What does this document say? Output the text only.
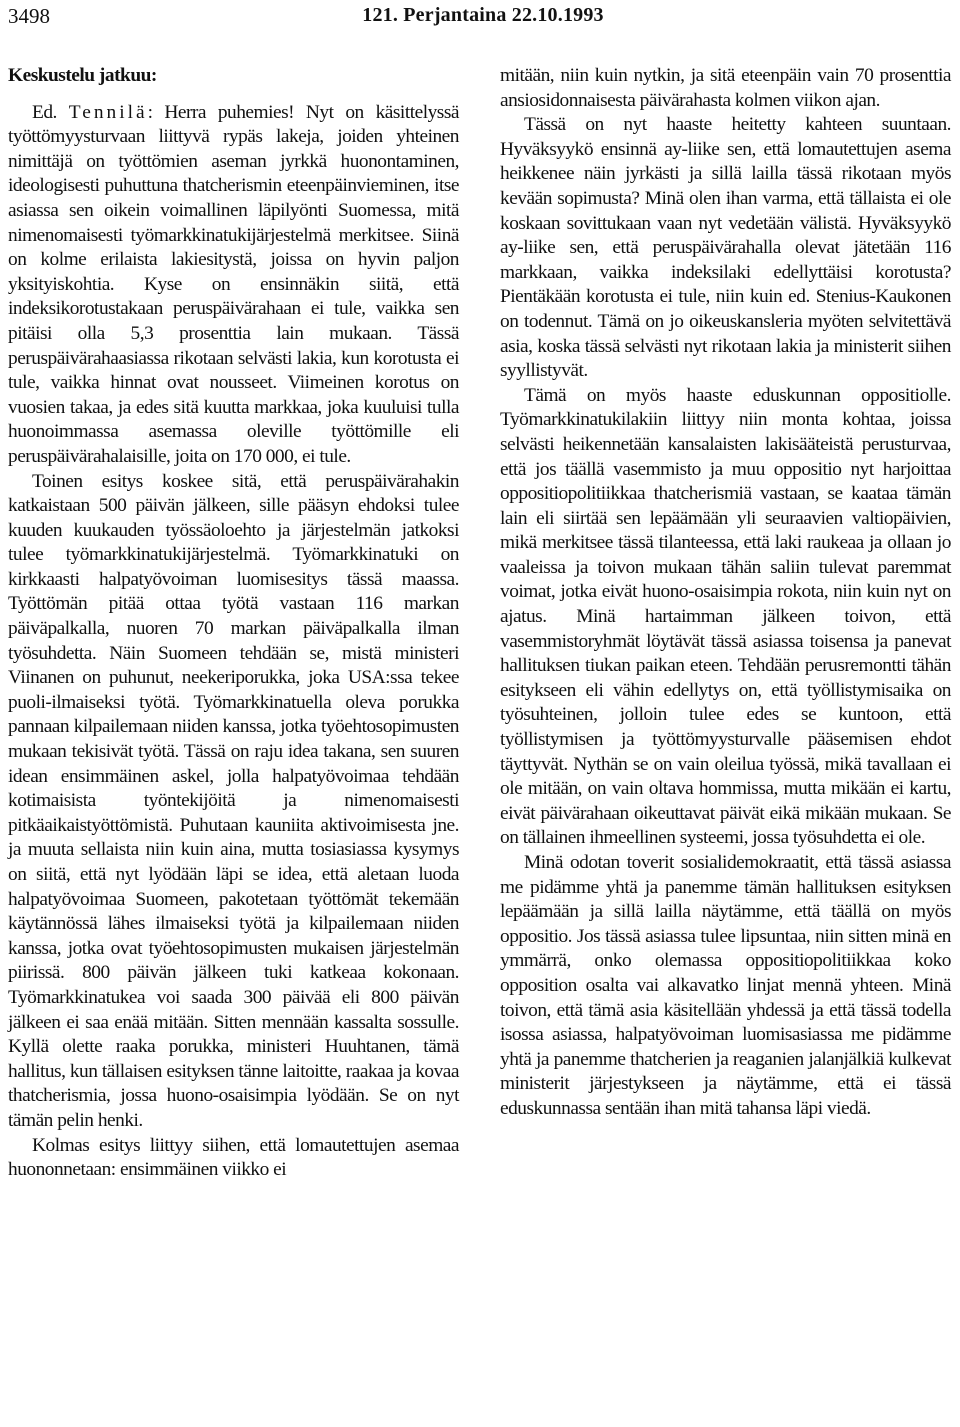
3498	121. Perjantaina 22.10.1993

Keskustelu jatkuu:

Ed. Tennilä: Herra puhemies! Nyt on käsittelyssä työttömyysturvaan liittyvä rypäs lakeja, joiden yhteinen nimittäjä on työttömien aseman jyrkkä huonontaminen, ideologisesti puhuttuna thatcherismin eteenpäinvieminen, itse asiassa sen oikein voimallinen läpilyönti Suomessa, mitä nimenomaisesti työmarkkinatukijärjestelmä merkitsee. Siinä on kolme erilaista lakiesitystä, joissa on hyvin paljon yksityiskohtia. Kyse on ensinnäkin siitä, että indeksikorotustakaan peruspäivärahaan ei tule, vaikka sen pitäisi olla 5,3 prosenttia lain mukaan. Tässä peruspäivärahaasiassa rikotaan selvästi lakia, kun korotusta ei tule, vaikka hinnat ovat nousseet. Viimeinen korotus on vuosien takaa, ja edes sitä kuutta markkaa, joka kuuluisi tulla huonoimmassa asemassa oleville työttömille eli peruspäivärahalaisille, joita on 170 000, ei tule.

Toinen esitys koskee sitä, että peruspäivärahakin katkaistaan 500 päivän jälkeen, sille pääsyn ehdoksi tulee kuuden kuukauden työssäoloehto ja järjestelmän jatkoksi tulee työmarkkinatukijärjestelmä. Työmarkkinatuki on kirkkaasti halpatyövoiman luomisesitys tässä maassa. Työttömän pitää ottaa työtä vastaan 116 markan päiväpalkalla, nuoren 70 markan päiväpalkalla ilman työsuhdetta. Näin Suomeen tehdään se, mistä ministeri Viinanen on puhunut, neekeriporukka, joka USA:ssa tekee puoli-ilmaiseksi työtä. Työmarkkinatuella oleva porukka pannaan kilpailemaan niiden kanssa, jotka työehtosopimusten mukaan tekisivät työtä. Tässä on raju idea takana, sen suuren idean ensimmäinen askel, jolla halpatyövoimaa tehdään kotimaisista työntekijöitä ja nimenomaisesti pitkäaikaistyöttömistä. Puhutaan kauniita aktivoimisesta jne. ja muuta sellaista niin kuin aina, mutta tosiasiassa kysymys on siitä, että nyt lyödään läpi se idea, että aletaan luoda halpatyövoimaa Suomeen, pakotetaan työttömät tekemään käytännössä lähes ilmaiseksi työtä ja kilpailemaan niiden kanssa, jotka ovat työehtosopimusten mukaisen järjestelmän piirissä. 800 päivän jälkeen tuki katkeaa kokonaan. Työmarkkinatukea voi saada 300 päivää eli 800 päivän jälkeen ei saa enää mitään. Sitten mennään kassalta sossulle. Kyllä olette raaka porukka, ministeri Huuhtanen, tämä hallitus, kun tällaisen esityksen tänne laitoitte, raakaa ja kovaa thatcherismia, jossa huono-osaisimpia lyödään. Se on nyt tämän pelin henki.

Kolmas esitys liittyy siihen, että lomautettujen asemaa huononnetaan: ensimmäinen viikko ei

mitään, niin kuin nytkin, ja sitä eteenpäin vain 70 prosenttia ansiosidonnaisesta päivärahasta kolmen viikon ajan.

Tässä on nyt haaste heitetty kahteen suuntaan. Hyväksyykö ensinnä ay-liike sen, että lomautettujen asema heikkenee näin jyrkästi ja sillä lailla tässä rikotaan myös kevään sopimusta? Minä olen ihan varma, että tällaista ei ole koskaan sovittukaan vaan nyt vedetään välistä. Hyväksyykö ay-liike sen, että peruspäivärahalla olevat jätetään 116 markkaan, vaikka indeksilaki edellyttäisi korotusta? Pientäkään korotusta ei tule, niin kuin ed. Stenius-Kaukonen on todennut. Tämä on jo oikeuskansleria myöten selvitettävä asia, koska tässä selvästi nyt rikotaan lakia ja ministerit siihen syyllistyvät.

Tämä on myös haaste eduskunnan oppositiolle. Työmarkkinatukilakiin liittyy niin monta kohtaa, joissa selvästi heikennetään kansalaisten lakisääteistä perusturvaa, että jos täällä vasemmisto ja muu oppositio nyt harjoittaa oppositiopolitiikkaa thatcherismiä vastaan, se kaataa tämän lain eli siirtää sen lepäämään yli seuraavien valtiopäivien, mikä merkitsee tässä tilanteessa, että laki raukeaa ja ollaan jo vaaleissa ja toivon mukaan tähän saliin tulevat paremmat voimat, jotka eivät huono-osaisimpia rokota, niin kuin nyt on ajatus. Minä hartaimman jälkeen toivon, että vasemmistoryhmät löytävät tässä asiassa toisensa ja panevat hallituksen tiukan paikan eteen. Tehdään perusremontti tähän esitykseen eli vähin edellytys on, että työllistymisaika on työsuhteinen, jolloin tulee edes se kuntoon, että työllistymisen ja työttömyysturvalle pääsemisen ehdot täyttyvät. Nythän se on vain oleilua työssä, mikä tavallaan ei ole mitään, on vain oltava hommissa, mutta mikään ei kartu, eivät päivärahaan oikeuttavat päivät eikä mikään mukaan. Se on tällainen ihmeellinen systeemi, jossa työsuhdetta ei ole.

Minä odotan toverit sosialidemokraatit, että tässä asiassa me pidämme yhtä ja panemme tämän hallituksen esityksen lepäämään ja sillä lailla näytämme, että täällä on myös oppositio. Jos tässä asiassa tulee lipsuntaa, niin sitten minä en ymmärrä, onko olemassa oppositiopolitiikkaa koko opposition osalta vai alkavatko linjat mennä yhteen. Minä toivon, että tämä asia käsitellään yhdessä ja että tässä todella isossa asiassa, halpatyövoiman luomisasiassa me pidämme yhtä ja panemme thatcherien ja reaganien jalanjälkiä kulkevat ministerit järjestykseen ja näytämme, että ei tässä eduskunnassa sentään ihan mitä tahansa läpi viedä.
